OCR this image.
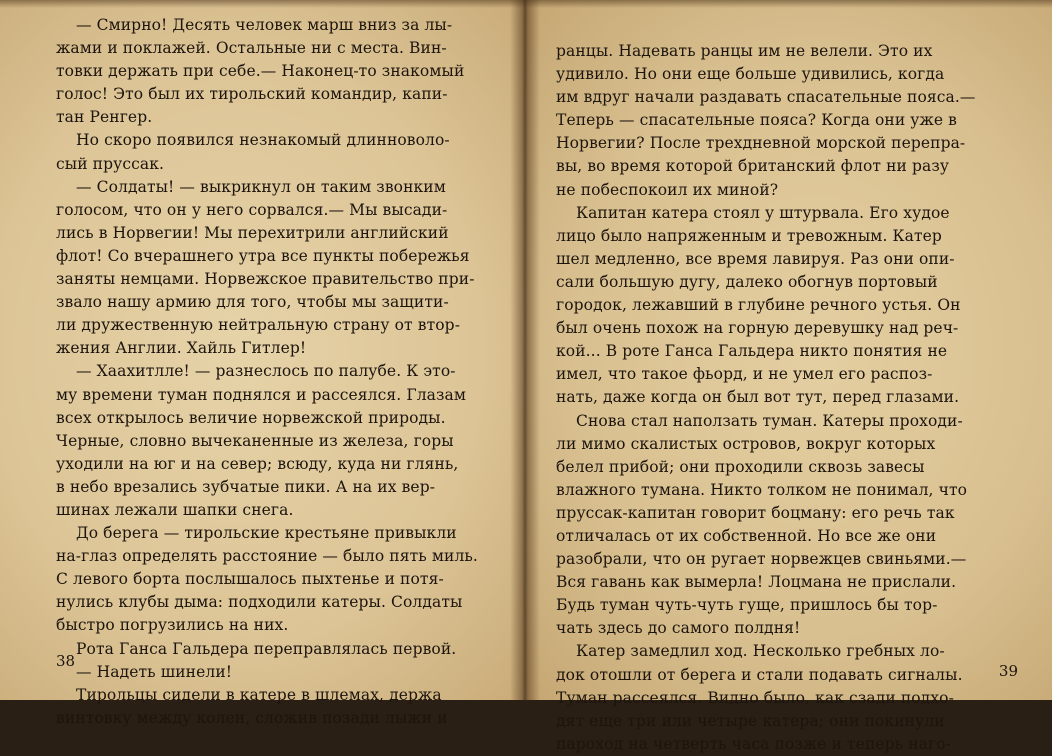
— Смирно! Десять человек марш вниз за лы-
жами и поклажей. Остальные ни с места. Вин-
товки держать при себе.— Наконец-то знакомый
голос! Это был их тирольский командир, капи-
тан Ренгер.
Но скоро появился незнакомый длинноволо-
сый пруссак.
— Солдаты! — выкрикнул он таким звонким
голосом, что он у него сорвался.— Мы высади-
лись в Норвегии! Мы перехитрили английский
флот! Со вчерашнего утра все пункты побережья
заняты немцами. Норвежское правительство при-
звало нашу армию для того, чтобы мы защити-
ли дружественную нейтральную страну от втор-
жения Англии. Хайль Гитлер!
— Хаахитлле! — разнеслось по палубе. К это-
му времени туман поднялся и рассеялся. Глазам
всех открылось величие норвежской природы.
Черные, словно вычеканенные из железа, горы
уходили на юг и на север; всюду, куда ни глянь,
в небо врезались зубчатые пики. А на их вер-
шинах лежали шапки снега.
До берега — тирольские крестьяне привыкли
на-глаз определять расстояние — было пять миль.
С левого борта послышалось пыхтенье и потя-
нулись клубы дыма: подходили катеры. Солдаты
быстро погрузились на них.
Рота Ганса Гальдера переправлялась первой.
— Надеть шинели!
Тирольцы сидели в катере в шлемах, держа
винтовку между колен, сложив позади лыжи и
38
ранцы. Надевать ранцы им не велели. Это их
удивило. Но они еще больше удивились, когда
им вдруг начали раздавать спасательные пояса.—
Теперь — спасательные пояса? Когда они уже в
Норвегии? После трехдневной морской перепра-
вы, во время которой британский флот ни разу
не побеспокоил их миной?
Капитан катера стоял у штурвала. Его худое
лицо было напряженным и тревожным. Катер
шел медленно, все время лавируя. Раз они опи-
сали большую дугу, далеко обогнув портовый
городок, лежавший в глубине речного устья. Он
был очень похож на горную деревушку над реч-
кой... В роте Ганса Гальдера никто понятия не
имел, что такое фьорд, и не умел его распоз-
нать, даже когда он был вот тут, перед глазами.
Снова стал наползать туман. Катеры проходи-
ли мимо скалистых островов, вокруг которых
белел прибой; они проходили сквозь завесы
влажного тумана. Никто толком не понимал, что
пруссак-капитан говорит боцману: его речь так
отличалась от их собственной. Но все же они
разобрали, что он ругает норвежцев свиньями.—
Вся гавань как вымерла! Лоцмана не прислали.
Будь туман чуть-чуть гуще, пришлось бы тор-
чать здесь до самого полдня!
Катер замедлил ход. Несколько гребных ло-
док отошли от берега и стали подавать сигналы.
Туман рассеялся. Видно было, как сзади подхо-
дят еще три или четыре катера; они покинули
пароход на четверть часа позже и теперь наго-
39
